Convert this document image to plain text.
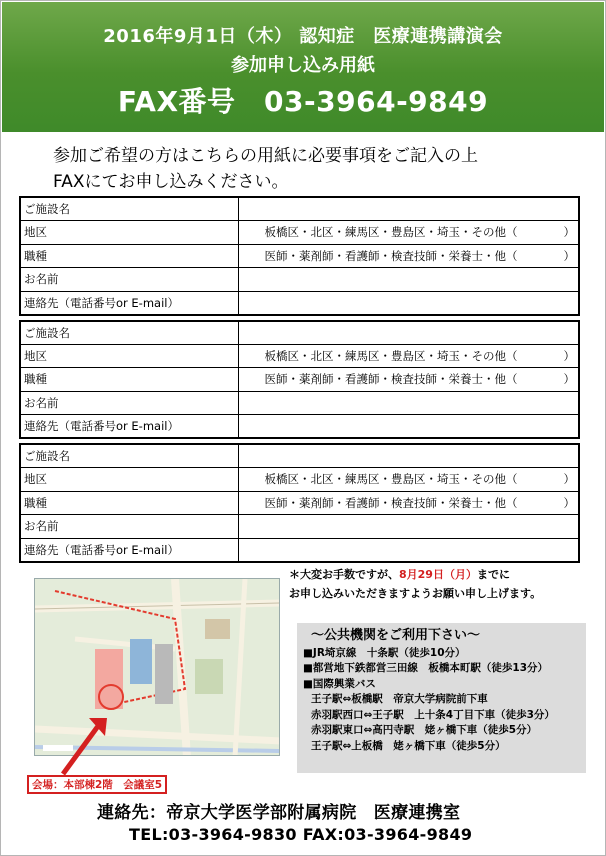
2016年9月1日（木） 認知症　医療連携講演会
参加申し込み用紙
FAX番号　03-3964-9849
参加ご希望の方はこちらの用紙に必要事項をご記入の上
FAXにてお申し込みください。
ご施設名	
地区	板橋区・北区・練馬区・豊島区・埼玉・その他（　　　　）
職種	医師・薬剤師・看護師・検査技師・栄養士・他（　　　　）
お名前	
連絡先（電話番号or E-mail）	
ご施設名	
地区	板橋区・北区・練馬区・豊島区・埼玉・その他（　　　　）
職種	医師・薬剤師・看護師・検査技師・栄養士・他（　　　　）
お名前	
連絡先（電話番号or E-mail）	
ご施設名	
地区	板橋区・北区・練馬区・豊島区・埼玉・その他（　　　　）
職種	医師・薬剤師・看護師・検査技師・栄養士・他（　　　　）
お名前	
連絡先（電話番号or E-mail）	
＊大変お手数ですが、8月29日（月）までに
お申し込みいただきますようお願い申し上げます。
会場：本部棟2階　会議室5
～公共機関をご利用下さい～
■JR埼京線　十条駅（徒歩10分）
■都営地下鉄都営三田線　板橋本町駅（徒歩13分）
■国際興業バス
王子駅⇔板橋駅　帝京大学病院前下車
赤羽駅西口⇔王子駅　上十条4丁目下車（徒歩3分）
赤羽駅東口⇔高円寺駅　姥ヶ橋下車（徒歩5分）
王子駅⇔上板橋　姥ヶ橋下車（徒歩5分）
連絡先：帝京大学医学部附属病院　医療連携室
TEL:03-3964-9830 FAX:03-3964-9849
